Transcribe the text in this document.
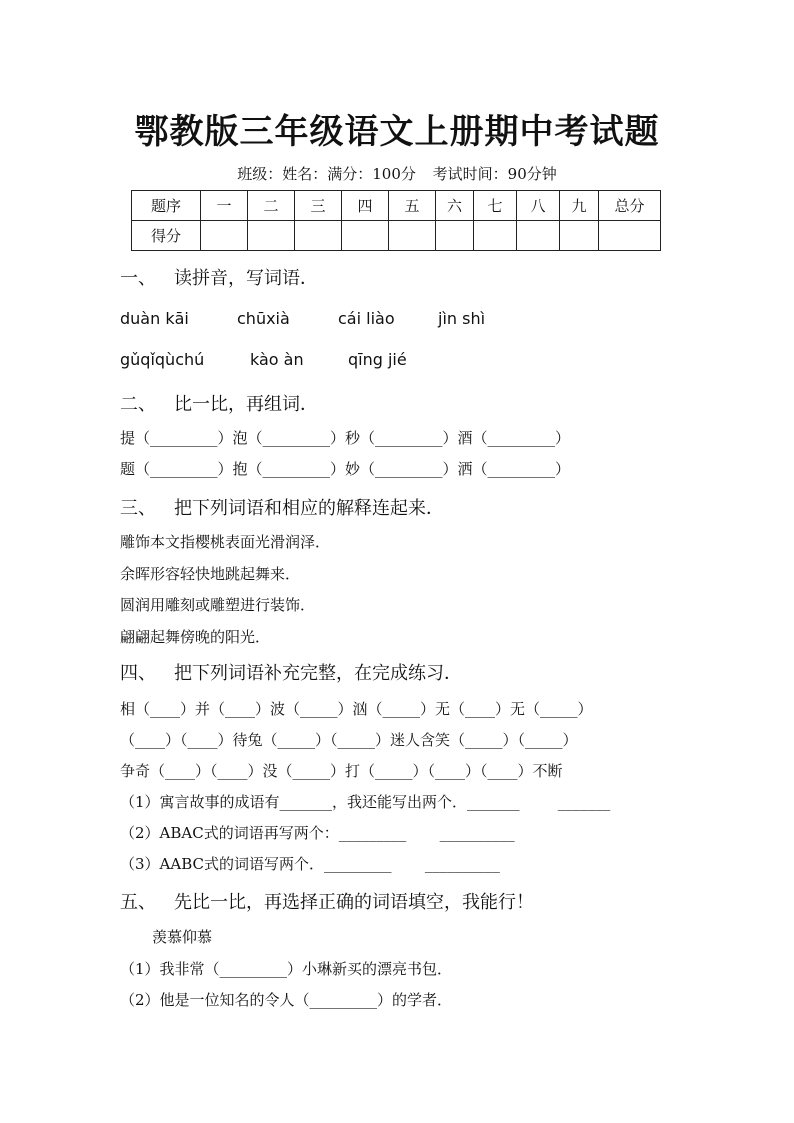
鄂教版三年级语文上册期中考试题
班级：姓名：满分：100分 考试时间：90分钟
题序	一	二	三	四	五	六	七	八	九	总分
得分										
一、 读拼音，写词语．
duàn kāi	chūxià	cái liào	jìn shì
gǔqǐqùchú	kào àn	qīng jié
二、 比一比，再组词．
提（_________）泡（_________）秒（_________）酒（_________）
题（_________）抱（_________）妙（_________）洒（_________）
三、 把下列词语和相应的解释连起来．
雕饰本文指樱桃表面光滑润泽．
余晖形容轻快地跳起舞来．
圆润用雕刻或雕塑进行装饰．
翩翩起舞傍晚的阳光．
四、 把下列词语补充完整，在完成练习．
相（____）并（____）波（_____）汹（_____）无（____）无（_____）
（____）（____）待兔（_____）（_____）迷人含笑（_____）（_____）
争奇（____）（____）没（_____）打（_____）（____）（____）不断
（1）寓言故事的成语有_______，我还能写出两个．_______        _______
（2）ABAC式的词语再写两个：_________       __________
（3）AABC式的词语写两个．_________       __________
五、 先比一比，再选择正确的词语填空，我能行！
羡慕仰慕
（1）我非常（_________）小琳新买的漂亮书包．
（2）他是一位知名的令人（_________）的学者．
